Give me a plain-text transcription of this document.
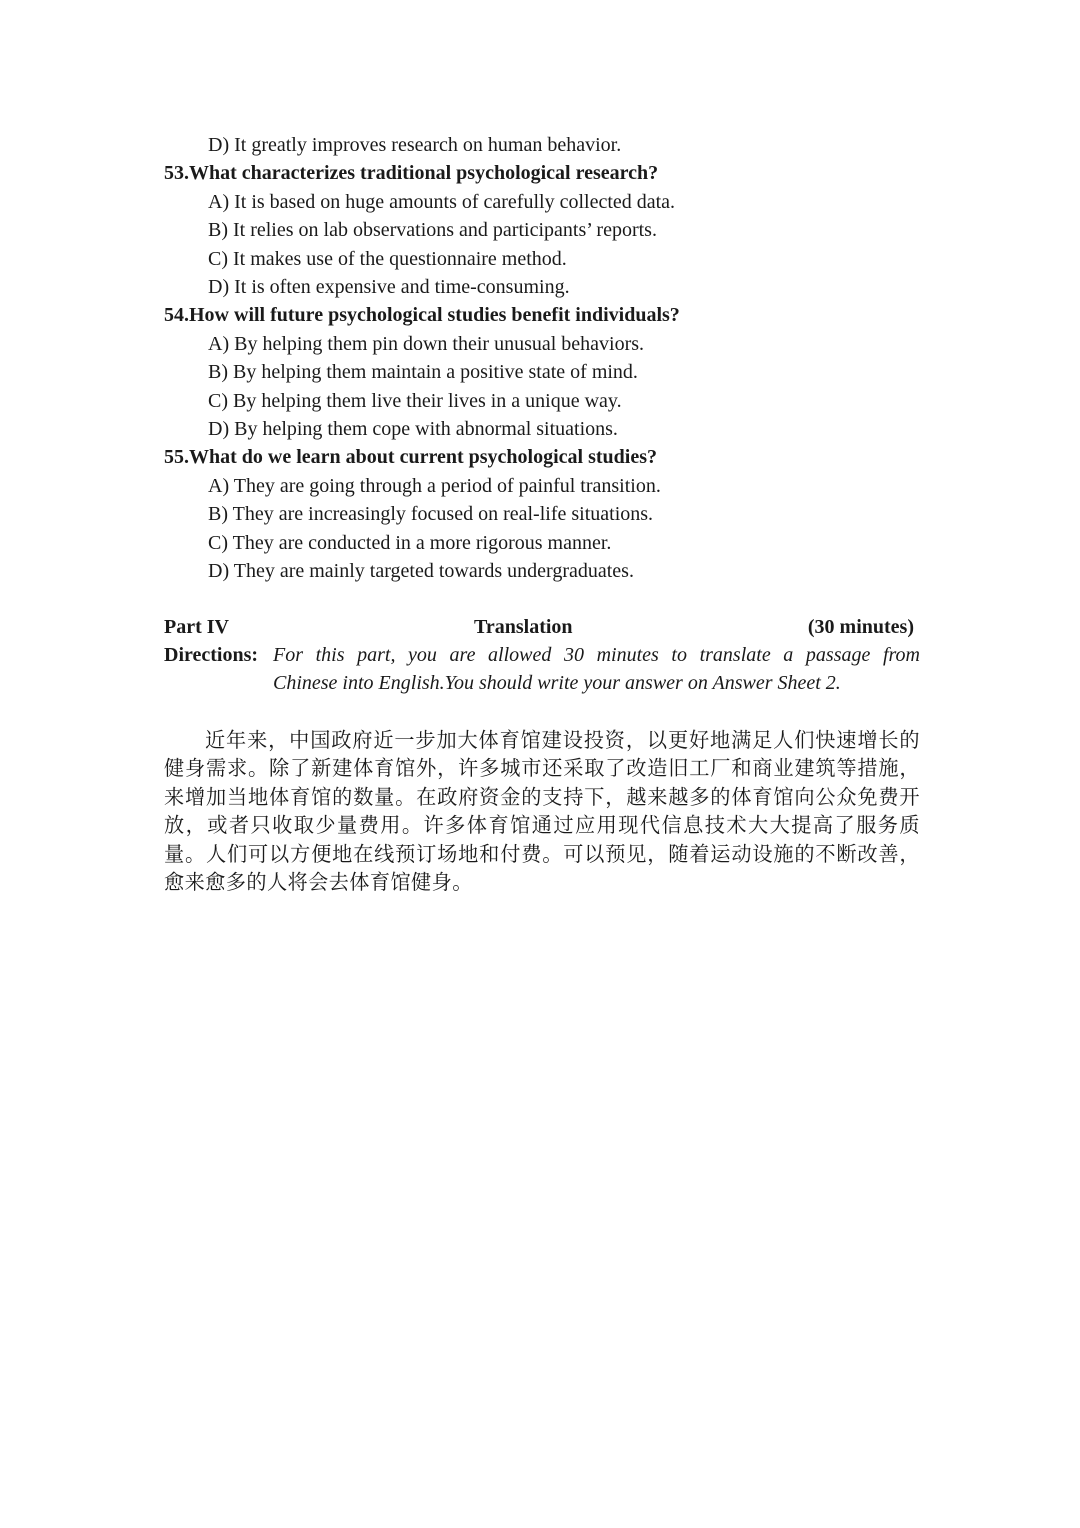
D) It greatly improves research on human behavior.
53.What characterizes traditional psychological research?
A) It is based on huge amounts of carefully collected data.
B) It relies on lab observations and participants’ reports.
C) It makes use of the questionnaire method.
D) It is often expensive and time-consuming.
54.How will future psychological studies benefit individuals?
A) By helping them pin down their unusual behaviors.
B) By helping them maintain a positive state of mind.
C) By helping them live their lives in a unique way.
D) By helping them cope with abnormal situations.
55.What do we learn about current psychological studies?
A) They are going through a period of painful transition.
B) They are increasingly focused on real-life situations.
C) They are conducted in a more rigorous manner.
D) They are mainly targeted towards undergraduates.
Part IV	Translation	(30 minutes)
Directions: For this part, you are allowed 30 minutes to translate a passage from
Chinese into English.You should write your answer on Answer Sheet 2.
近年来，中国政府近一步加大体育馆建设投资，以更好地满足人们快速增长的健身需求。除了新建体育馆外，许多城市还采取了改造旧工厂和商业建筑等措施，来增加当地体育馆的数量。在政府资金的支持下，越来越多的体育馆向公众免费开放，或者只收取少量费用。许多体育馆通过应用现代信息技术大大提高了服务质量。人们可以方便地在线预订场地和付费。可以预见，随着运动设施的不断改善，愈来愈多的人将会去体育馆健身。
